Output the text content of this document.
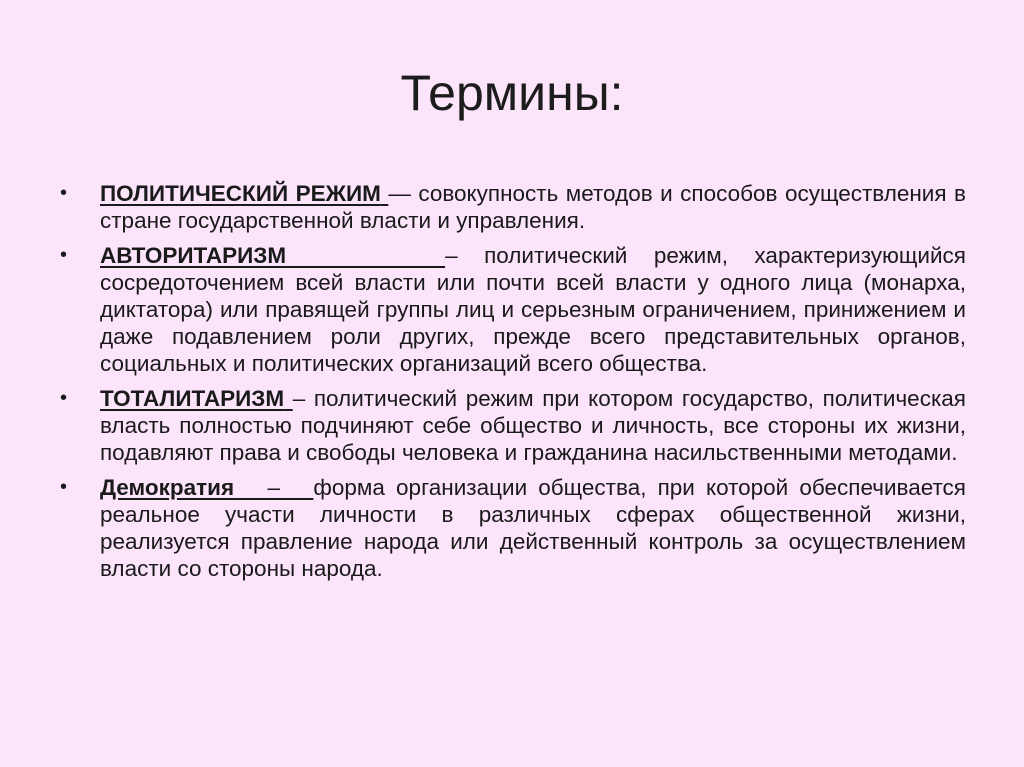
Термины:
•	ПОЛИТИЧЕСКИЙ РЕЖИМ — совокупность методов и способов осуществления в стране государственной власти и управления.
•	АВТОРИТАРИЗМ	– политический режим, характеризующийся сосредоточением всей власти или почти всей власти у одного лица (монарха, диктатора) или правящей группы лиц и серьезным ограничением, принижением и даже подавлением роли других, прежде всего представительных органов, социальных и политических организаций всего общества.
•	ТОТАЛИТАРИЗМ – политический режим при котором государство, политическая власть полностью подчиняют себе общество и личность, все стороны их жизни, подавляют права и свободы человека и гражданина насильственными методами.
•	Демократия   –   форма организации общества, при которой обеспечивается реальное участи личности в различных сферах общественной жизни, реализуется правление народа или действенный контроль за осуществлением власти со стороны народа.
